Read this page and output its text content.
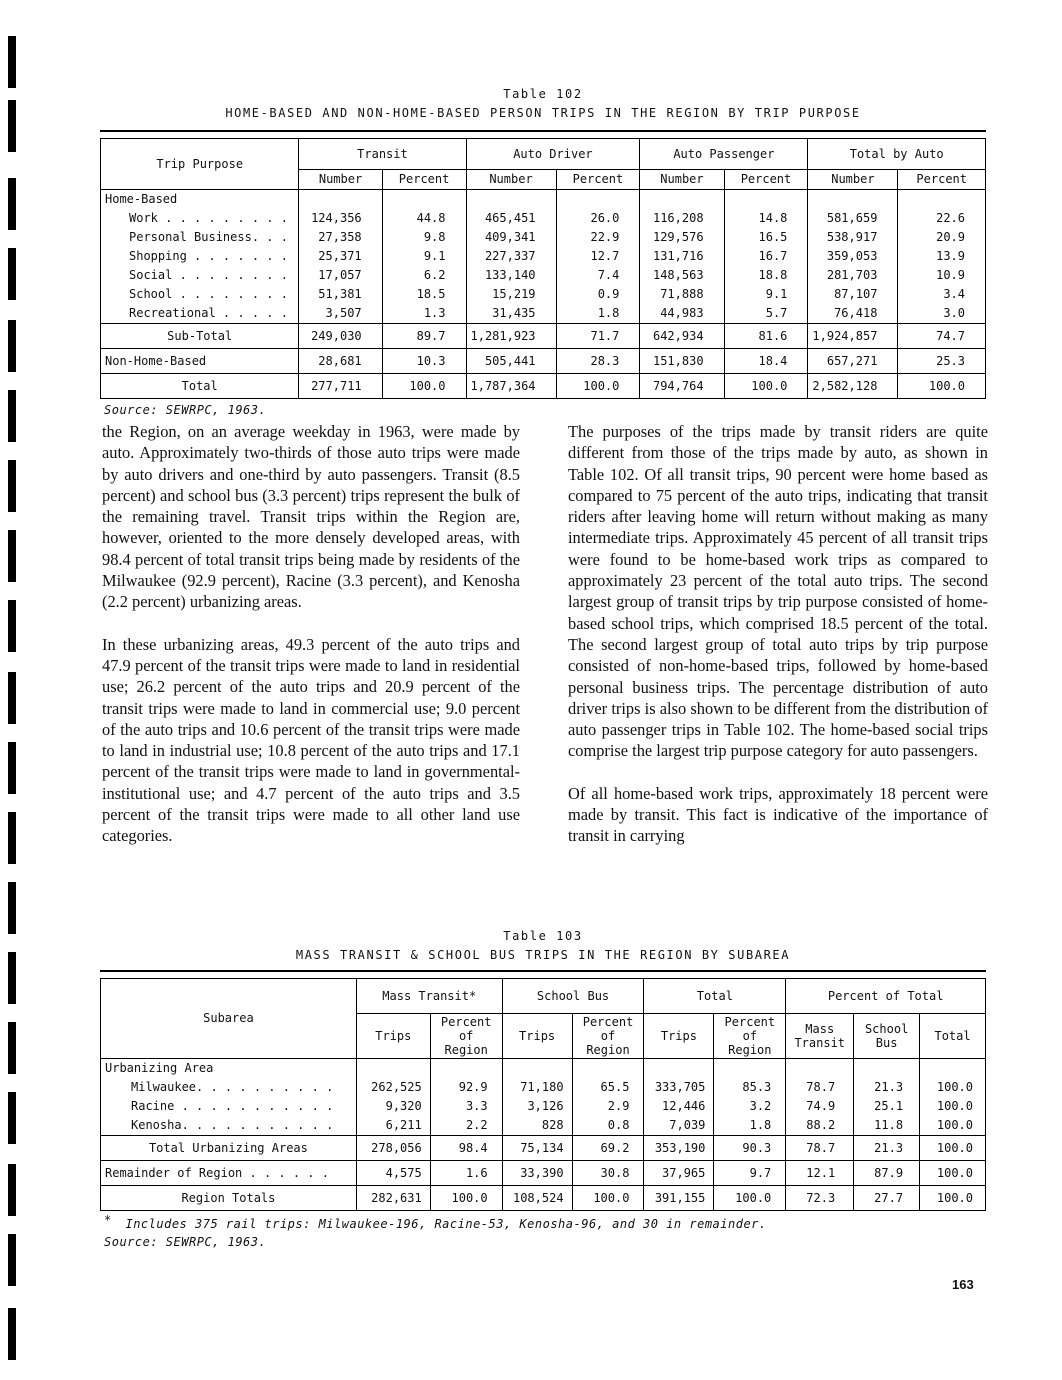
Table 102
HOME-BASED AND NON-HOME-BASED PERSON TRIPS IN THE REGION BY TRIP PURPOSE
Trip Purpose	Transit		Auto Driver		Auto Passenger		Total by Auto	
	Number	Percent	Number	Percent	Number	Percent	Number	Percent
Home-Based								
Work . . . . . . . . .	124,356	44.8	465,451	26.0	116,208	14.8	581,659	22.6
Personal Business. . .	27,358	9.8	409,341	22.9	129,576	16.5	538,917	20.9
Shopping . . . . . . .	25,371	9.1	227,337	12.7	131,716	16.7	359,053	13.9
Social . . . . . . . .	17,057	6.2	133,140	7.4	148,563	18.8	281,703	10.9
School . . . . . . . .	51,381	18.5	15,219	0.9	71,888	9.1	87,107	3.4
Recreational . . . . .	3,507	1.3	31,435	1.8	44,983	5.7	76,418	3.0
Sub-Total	249,030	89.7	1,281,923	71.7	642,934	81.6	1,924,857	74.7
Non-Home-Based	28,681	10.3	505,441	28.3	151,830	18.4	657,271	25.3
Total	277,711	100.0	1,787,364	100.0	794,764	100.0	2,582,128	100.0
Source: SEWRPC, 1963.

the Region, on an average weekday in 1963, were made by auto. Approximately two-thirds of those auto trips were made by auto drivers and one-third by auto passengers. Transit (8.5 percent) and school bus (3.3 percent) trips represent the bulk of the remaining travel. Transit trips within the Region are, however, oriented to the more densely developed areas, with 98.4 percent of total transit trips being made by residents of the Milwaukee (92.9 percent), Racine (3.3 percent), and Kenosha (2.2 percent) urbanizing areas.

In these urbanizing areas, 49.3 percent of the auto trips and 47.9 percent of the transit trips were made to land in residential use; 26.2 percent of the auto trips and 20.9 percent of the transit trips were made to land in commercial use; 9.0 percent of the auto trips and 10.6 percent of the transit trips were made to land in industrial use; 10.8 percent of the auto trips and 17.1 percent of the transit trips were made to land in governmental-institutional use; and 4.7 percent of the auto trips and 3.5 percent of the transit trips were made to all other land use categories.

The purposes of the trips made by transit riders are quite different from those of the trips made by auto, as shown in Table 102. Of all transit trips, 90 percent were home based as compared to 75 percent of the auto trips, indicating that transit riders after leaving home will return without making as many intermediate trips. Approximately 45 percent of all transit trips were found to be home-based work trips as compared to approximately 23 percent of the total auto trips. The second largest group of transit trips by trip purpose consisted of home-based school trips, which comprised 18.5 percent of the total. The second largest group of total auto trips by trip purpose consisted of non-home-based trips, followed by home-based personal business trips. The percentage distribution of auto driver trips is also shown to be different from the distribution of auto passenger trips in Table 102. The home-based social trips comprise the largest trip purpose category for auto passengers.

Of all home-based work trips, approximately 18 percent were made by transit. This fact is indicative of the importance of transit in carrying

Table 103
MASS TRANSIT & SCHOOL BUS TRIPS IN THE REGION BY SUBAREA
Subarea	Mass Transit*		School Bus		Total		Percent of Total		
	Trips	Percent of Region	Trips	Percent of Region	Trips	Percent of Region	Mass Transit	School Bus	Total
Urbanizing Area									
Milwaukee. . . . . . . . . .	262,525	92.9	71,180	65.5	333,705	85.3	78.7	21.3	100.0
Racine . . . . . . . . . . .	9,320	3.3	3,126	2.9	12,446	3.2	74.9	25.1	100.0
Kenosha. . . . . . . . . . .	6,211	2.2	828	0.8	7,039	1.8	88.2	11.8	100.0
Total Urbanizing Areas	278,056	98.4	75,134	69.2	353,190	90.3	78.7	21.3	100.0
Remainder of Region . . . . . .	4,575	1.6	33,390	30.8	37,965	9.7	12.1	87.9	100.0
Region Totals	282,631	100.0	108,524	100.0	391,155	100.0	72.3	27.7	100.0
* Includes 375 rail trips: Milwaukee-196, Racine-53, Kenosha-96, and 30 in remainder.
Source: SEWRPC, 1963.
163
